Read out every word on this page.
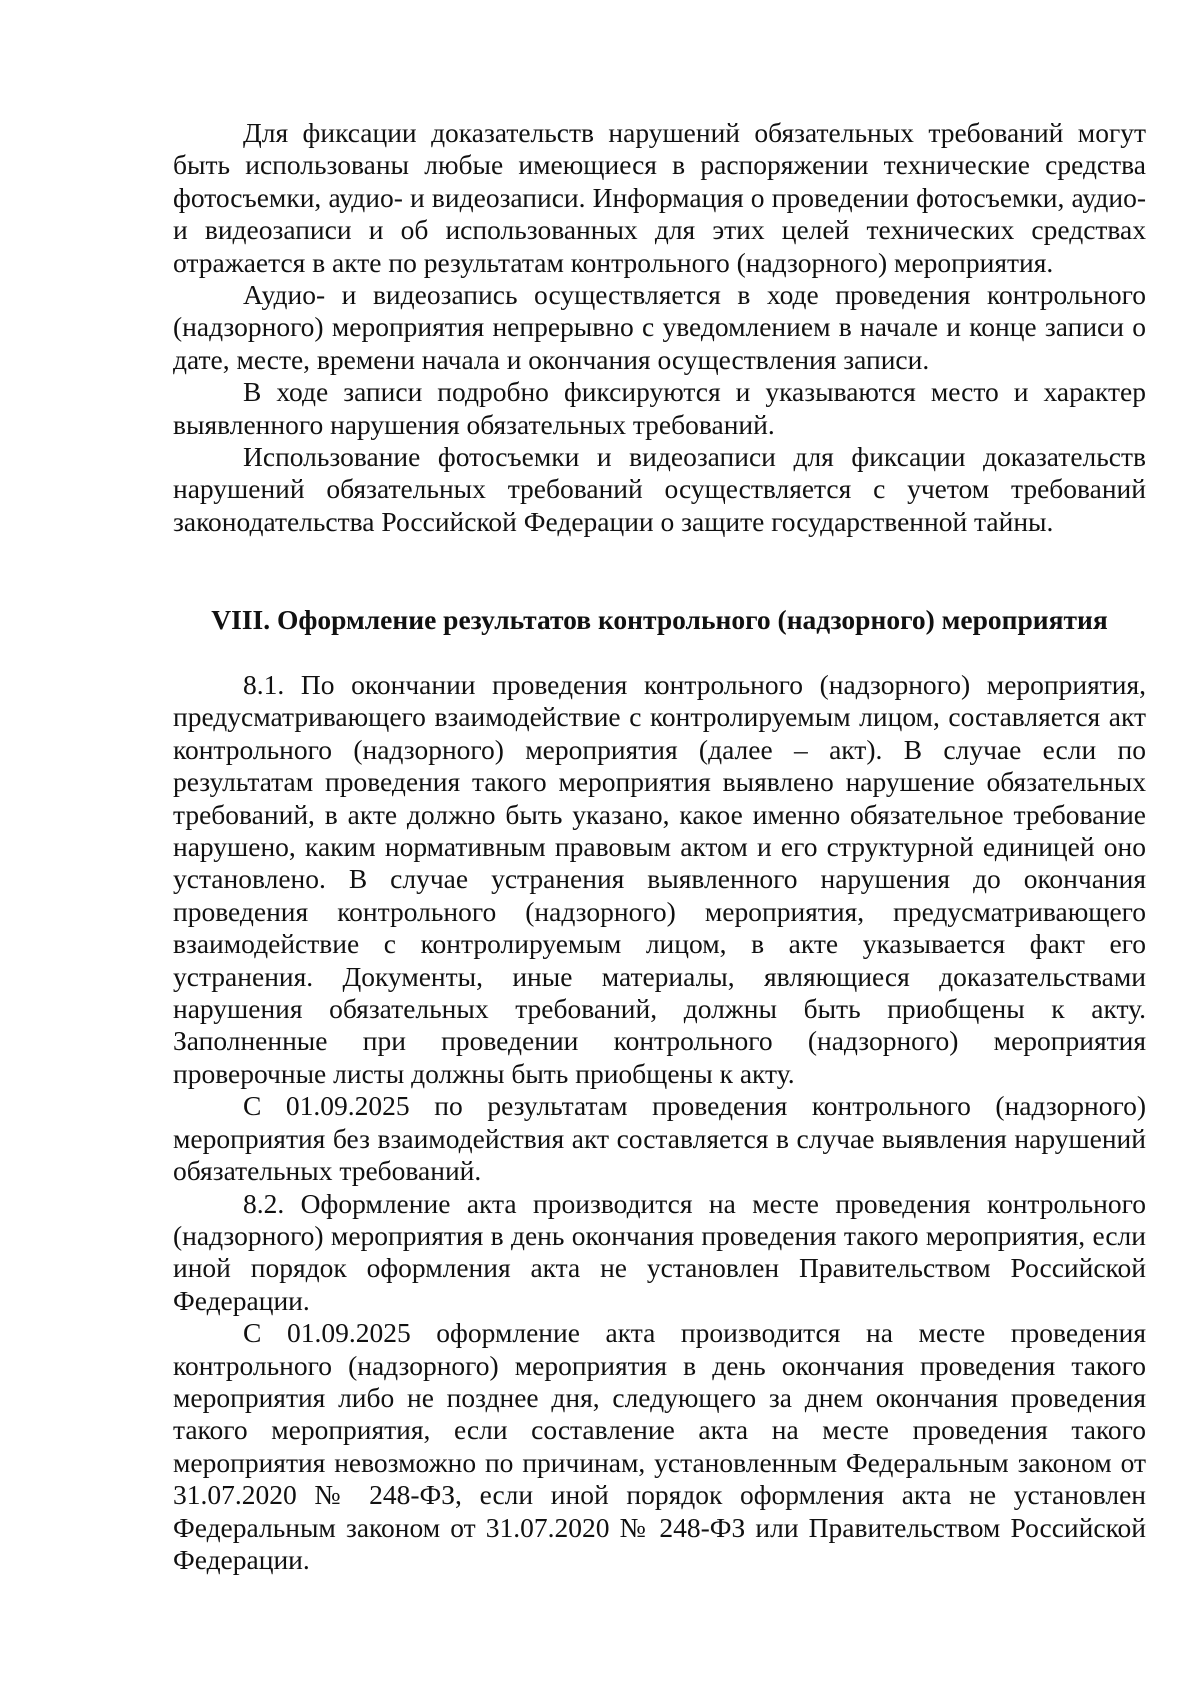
Для фиксации доказательств нарушений обязательных требований могут быть использованы любые имеющиеся в распоряжении технические средства фотосъемки, аудио- и видеозаписи. Информация о проведении фотосъемки, аудио- и видеозаписи и об использованных для этих целей технических средствах отражается в акте по результатам контрольного (надзорного) мероприятия.

Аудио- и видеозапись осуществляется в ходе проведения контрольного (надзорного) мероприятия непрерывно с уведомлением в начале и конце записи о дате, месте, времени начала и окончания осуществления записи.

В ходе записи подробно фиксируются и указываются место и характер выявленного нарушения обязательных требований.

Использование фотосъемки и видеозаписи для фиксации доказательств нарушений обязательных требований осуществляется с учетом требований законодательства Российской Федерации о защите государственной тайны.

VIII. Оформление результатов контрольного (надзорного) мероприятия

8.1. По окончании проведения контрольного (надзорного) мероприятия, предусматривающего взаимодействие с контролируемым лицом, составляется акт контрольного (надзорного) мероприятия (далее – акт). В случае если по результатам проведения такого мероприятия выявлено нарушение обязательных требований, в акте должно быть указано, какое именно обязательное требование нарушено, каким нормативным правовым актом и его структурной единицей оно установлено. В случае устранения выявленного нарушения до окончания проведения контрольного (надзорного) мероприятия, предусматривающего взаимодействие с контролируемым лицом, в акте указывается факт его устранения. Документы, иные материалы, являющиеся доказательствами нарушения обязательных требований, должны быть приобщены к акту. Заполненные при проведении контрольного (надзорного) мероприятия проверочные листы должны быть приобщены к акту.

С 01.09.2025 по результатам проведения контрольного (надзорного) мероприятия без взаимодействия акт составляется в случае выявления нарушений обязательных требований.

8.2. Оформление акта производится на месте проведения контрольного (надзорного) мероприятия в день окончания проведения такого мероприятия, если иной порядок оформления акта не установлен Правительством Российской Федерации.

С 01.09.2025 оформление акта производится на месте проведения контрольного (надзорного) мероприятия в день окончания проведения такого мероприятия либо не позднее дня, следующего за днем окончания проведения такого мероприятия, если составление акта на месте проведения такого мероприятия невозможно по причинам, установленным Федеральным законом от 31.07.2020 № 248-ФЗ, если иной порядок оформления акта не установлен Федеральным законом от 31.07.2020 № 248-ФЗ или Правительством Российской Федерации.
